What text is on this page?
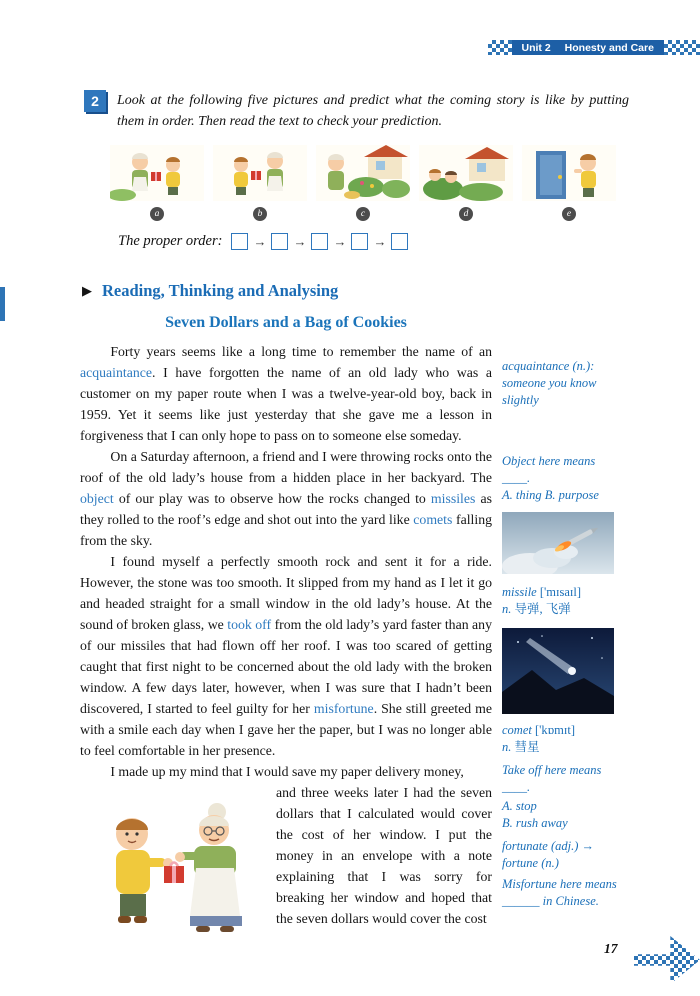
Unit 2 Honesty and Care
2	Look at the following five pictures and predict what the coming story is like by putting them in order. Then read the text to check your prediction.
a	b	c	d	e
The proper order: → → → →
▶ Reading, Thinking and Analysing
Seven Dollars and a Bag of Cookies

Forty years seems like a long time to remember the name of an acquaintance. I have forgotten the name of an old lady who was a customer on my paper route when I was a twelve-year-old boy, back in 1959. Yet it seems like just yesterday that she gave me a lesson in forgiveness that I can only hope to pass on to someone else someday.

On a Saturday afternoon, a friend and I were throwing rocks onto the roof of the old lady’s house from a hidden place in her backyard. The object of our play was to observe how the rocks changed to missiles as they rolled to the roof’s edge and shot out into the yard like comets falling from the sky.

I found myself a perfectly smooth rock and sent it for a ride. However, the stone was too smooth. It slipped from my hand as I let it go and headed straight for a small window in the old lady’s house. At the sound of broken glass, we took off from the old lady’s yard faster than any of our missiles that had flown off her roof. I was too scared of getting caught that first night to be concerned about the old lady with the broken window. A few days later, however, when I was sure that I hadn’t been discovered, I started to feel guilty for her misfortune. She still greeted me with a smile each day when I gave her the paper, but I was no longer able to feel comfortable in her presence.

I made up my mind that I would save my paper delivery money,

and three weeks later I had the seven dollars that I calculated would cover the cost of her window. I put the money in an envelope with a note explaining that I was sorry for breaking her window and hoped that the seven dollars would cover the cost

acquaintance (n.): someone you know slightly
Object here means ____.
A. thing B. purpose
missile ['mɪsaɪl]
n. 导弹, 飞弹
comet ['kɒmɪt]
n. 彗星
Take off here means ____.
A. stop
B. rush away
fortunate (adj.) → fortune (n.)
Misfortune here means ______ in Chinese.
17
